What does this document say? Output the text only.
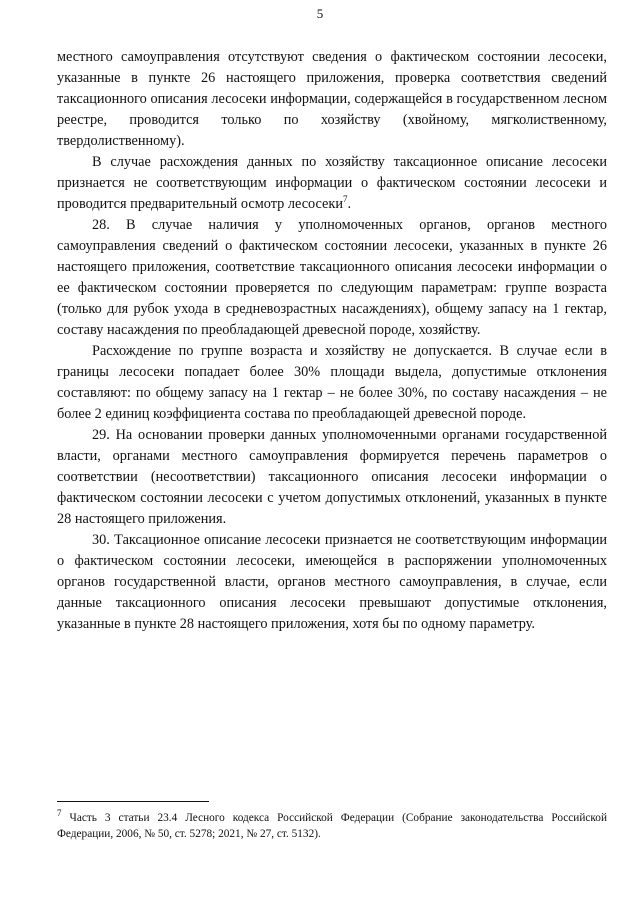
5

местного самоуправления отсутствуют сведения о фактическом состоянии лесосеки, указанные в пункте 26 настоящего приложения, проверка соответствия сведений таксационного описания лесосеки информации, содержащейся в государственном лесном реестре, проводится только по хозяйству (хвойному, мягколиственному, твердолиственному).

В случае расхождения данных по хозяйству таксационное описание лесосеки признается не соответствующим информации о фактическом состоянии лесосеки и проводится предварительный осмотр лесосеки$^7$.

28. В случае наличия у уполномоченных органов, органов местного самоуправления сведений о фактическом состоянии лесосеки, указанных в пункте 26 настоящего приложения, соответствие таксационного описания лесосеки информации о ее фактическом состоянии проверяется по следующим параметрам: группе возраста (только для рубок ухода в средневозрастных насаждениях), общему запасу на 1 гектар, составу насаждения по преобладающей древесной породе, хозяйству.

Расхождение по группе возраста и хозяйству не допускается. В случае если в границы лесосеки попадает более 30% площади выдела, допустимые отклонения составляют: по общему запасу на 1 гектар – не более 30%, по составу насаждения – не более 2 единиц коэффициента состава по преобладающей древесной породе.

29. На основании проверки данных уполномоченными органами государственной власти, органами местного самоуправления формируется перечень параметров о соответствии (несоответствии) таксационного описания лесосеки информации о фактическом состоянии лесосеки с учетом допустимых отклонений, указанных в пункте 28 настоящего приложения.

30. Таксационное описание лесосеки признается не соответствующим информации о фактическом состоянии лесосеки, имеющейся в распоряжении уполномоченных органов государственной власти, органов местного самоуправления, в случае, если данные таксационного описания лесосеки превышают допустимые отклонения, указанные в пункте 28 настоящего приложения, хотя бы по одному параметру.

$^7$ Часть 3 статьи 23.4 Лесного кодекса Российской Федерации (Собрание законодательства Российской Федерации, 2006, № 50, ст. 5278; 2021, № 27, ст. 5132).
